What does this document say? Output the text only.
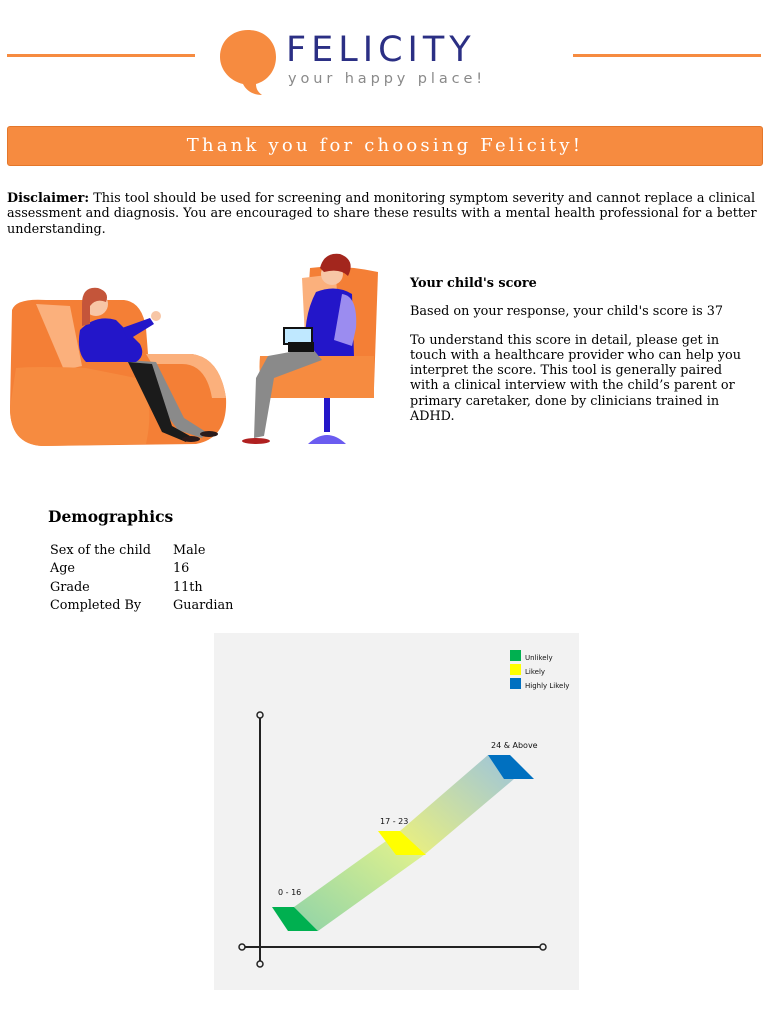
FELICITY
your happy place!
Thank you for choosing Felicity!
Disclaimer: This tool should be used for screening and monitoring symptom severity and cannot replace a clinical assessment and diagnosis. You are encouraged to share these results with a mental health professional for a better understanding.
Your child's score
Based on your response, your child's score is 37
To understand this score in detail, please get in touch with a healthcare provider who can help you interpret the score. This tool is generally paired with a clinical interview with the child’s parent or primary caretaker, done by clinicians trained in ADHD.
Demographics
Sex of the child	Male
Age	16
Grade	11th
Completed By	Guardian
0 - 16
17 - 23
24 & Above
Unlikely
Likely
Highly Likely
